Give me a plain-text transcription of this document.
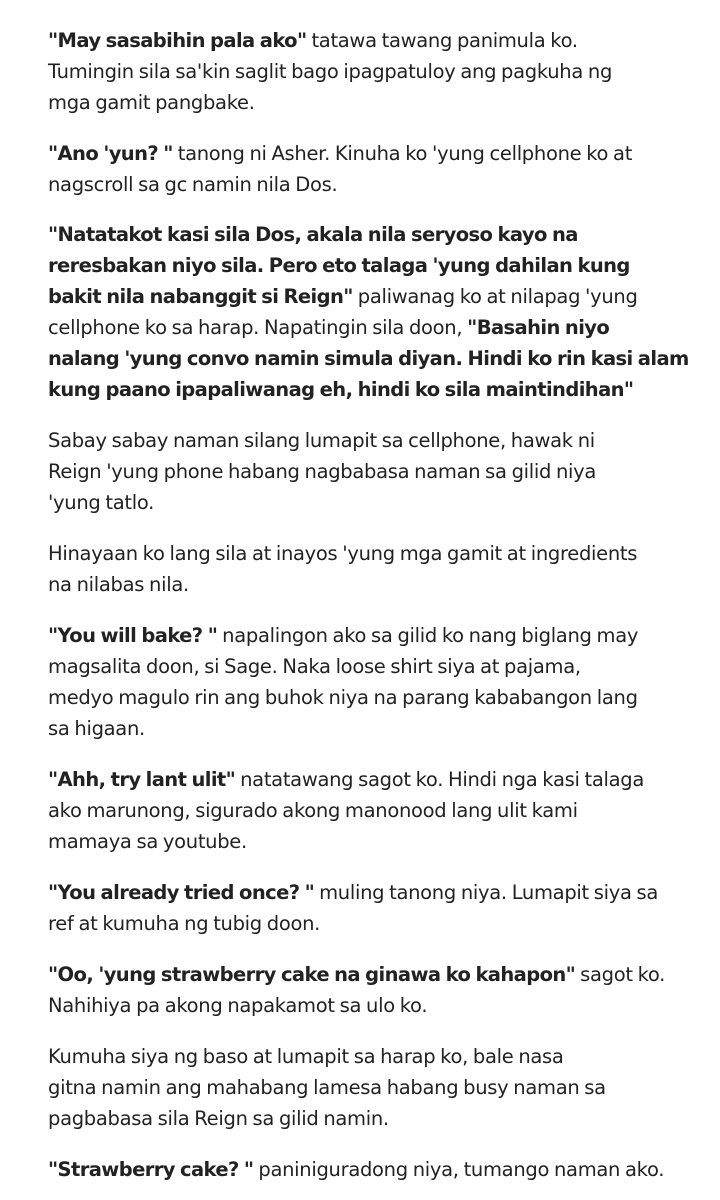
"May sasabihin pala ako" tatawa tawang panimula ko.
Tumingin sila sa'kin saglit bago ipagpatuloy ang pagkuha ng
mga gamit pangbake.

"Ano 'yun? " tanong ni Asher. Kinuha ko 'yung cellphone ko at
nagscroll sa gc namin nila Dos.

"Natatakot kasi sila Dos, akala nila seryoso kayo na
reresbakan niyo sila. Pero eto talaga 'yung dahilan kung
bakit nila nabanggit si Reign" paliwanag ko at nilapag 'yung
cellphone ko sa harap. Napatingin sila doon, "Basahin niyo
nalang 'yung convo namin simula diyan. Hindi ko rin kasi alam
kung paano ipapaliwanag eh, hindi ko sila maintindihan"

Sabay sabay naman silang lumapit sa cellphone, hawak ni
Reign 'yung phone habang nagbabasa naman sa gilid niya
'yung tatlo.

Hinayaan ko lang sila at inayos 'yung mga gamit at ingredients
na nilabas nila.

"You will bake? " napalingon ako sa gilid ko nang biglang may
magsalita doon, si Sage. Naka loose shirt siya at pajama,
medyo magulo rin ang buhok niya na parang kababangon lang
sa higaan.

"Ahh, try lant ulit" natatawang sagot ko. Hindi nga kasi talaga
ako marunong, sigurado akong manonood lang ulit kami
mamaya sa youtube.

"You already tried once? " muling tanong niya. Lumapit siya sa
ref at kumuha ng tubig doon.

"Oo, 'yung strawberry cake na ginawa ko kahapon" sagot ko.
Nahihiya pa akong napakamot sa ulo ko.

Kumuha siya ng baso at lumapit sa harap ko, bale nasa
gitna namin ang mahabang lamesa habang busy naman sa
pagbabasa sila Reign sa gilid namin.

"Strawberry cake? " paniniguradong niya, tumango naman ako.
